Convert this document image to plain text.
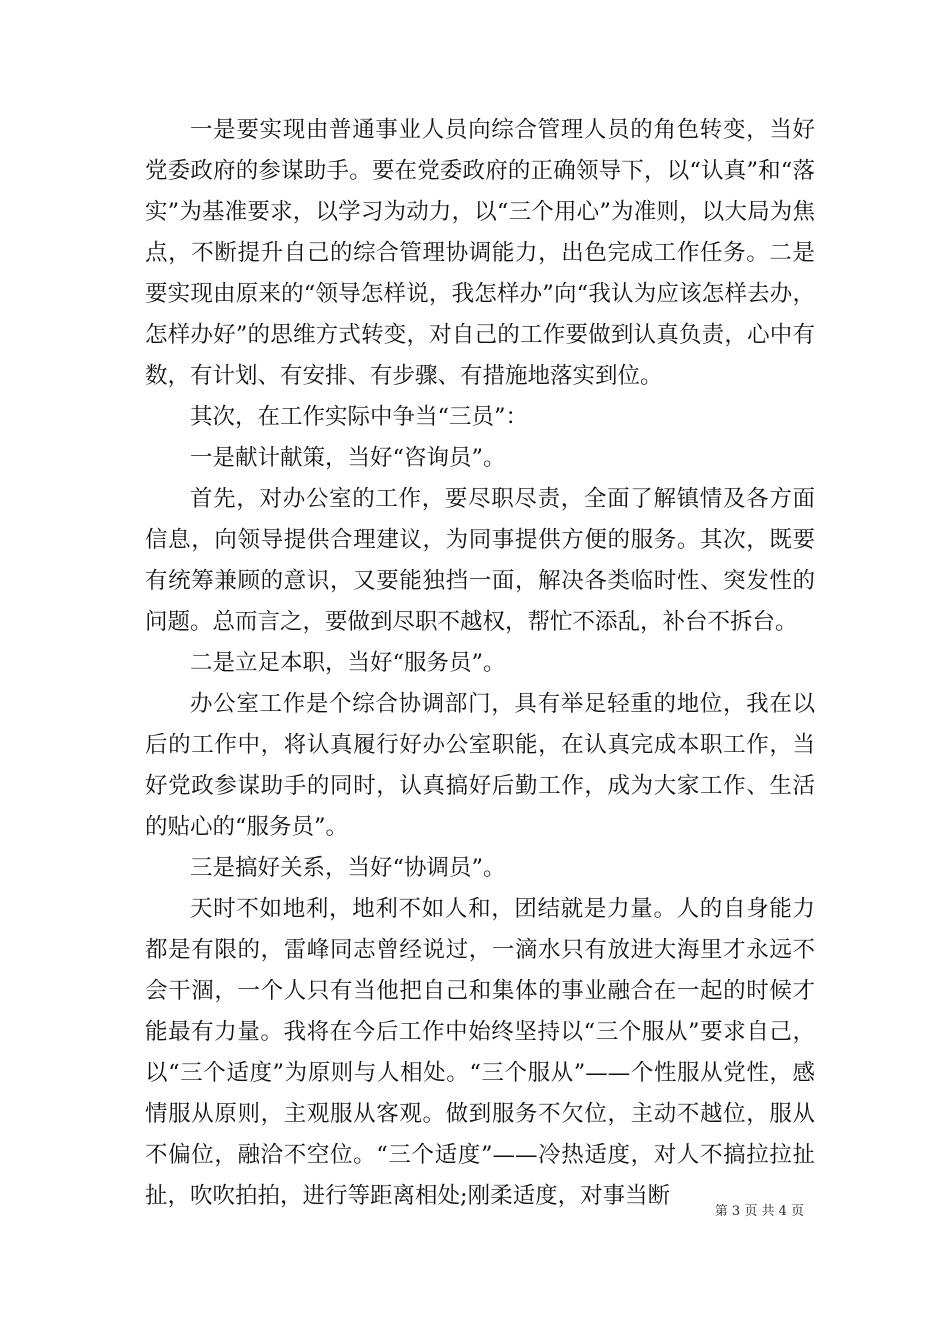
一是要实现由普通事业人员向综合管理人员的角色转变，当好党委政府的参谋助手。要在党委政府的正确领导下，以“认真”和“落实”为基准要求，以学习为动力，以“三个用心”为准则，以大局为焦点，不断提升自己的综合管理协调能力，出色完成工作任务。二是要实现由原来的“领导怎样说，我怎样办”向“我认为应该怎样去办，怎样办好”的思维方式转变，对自己的工作要做到认真负责，心中有数，有计划、有安排、有步骤、有措施地落实到位。

其次，在工作实际中争当“三员”：

一是献计献策，当好“咨询员”。

首先，对办公室的工作，要尽职尽责，全面了解镇情及各方面信息，向领导提供合理建议，为同事提供方便的服务。其次，既要有统筹兼顾的意识，又要能独挡一面，解决各类临时性、突发性的问题。总而言之，要做到尽职不越权，帮忙不添乱，补台不拆台。

二是立足本职，当好“服务员”。

办公室工作是个综合协调部门，具有举足轻重的地位，我在以后的工作中，将认真履行好办公室职能，在认真完成本职工作，当好党政参谋助手的同时，认真搞好后勤工作，成为大家工作、生活的贴心的“服务员”。

三是搞好关系，当好“协调员”。

天时不如地利，地利不如人和，团结就是力量。人的自身能力都是有限的，雷峰同志曾经说过，一滴水只有放进大海里才永远不会干涸，一个人只有当他把自己和集体的事业融合在一起的时候才能最有力量。我将在今后工作中始终坚持以“三个服从”要求自己，以“三个适度”为原则与人相处。“三个服从”——个性服从党性，感情服从原则，主观服从客观。做到服务不欠位，主动不越位，服从不偏位，融洽不空位。“三个适度”——冷热适度，对人不搞拉拉扯扯，吹吹拍拍，进行等距离相处;刚柔适度，对事当断

第 3 页 共 4 页
